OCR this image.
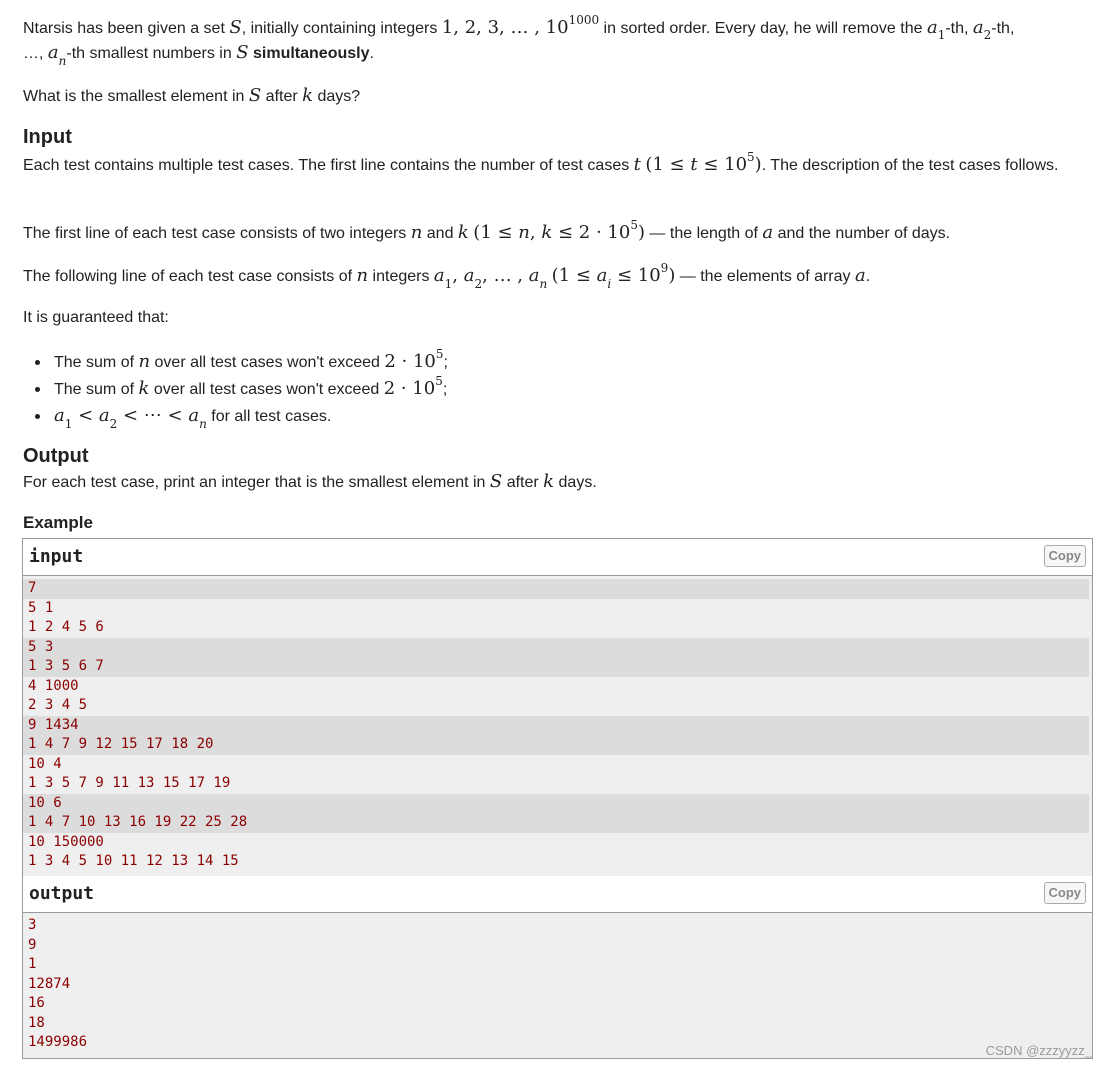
Ntarsis has been given a set S, initially containing integers 1, 2, 3, … , $10^{1000}$ in sorted order. Every day, he will remove the $a_1-th$, $a_2-th$,
…, $a_n-th$ smallest numbers in S simultaneously.

What is the smallest element in S after k days?

Input

Each test contains multiple test cases. The first line contains the number of test cases t $(1 \le t \le 10^5)$. The description of the test cases follows.

The first line of each test case consists of two integers n and k (1 ≤ n, $k \le 2 \cdot 10^5$) — the length of a and the number of days.

The following line of each test case consists of n integers $a_1$, $a_2$, … , $a_n$ $(1 \le a_i \le 10^9)$ — the elements of array a.

It is guaranteed that:

The sum of n over all test cases won't exceed $2 \cdot 10^5$;
The sum of k over all test cases won't exceed $2 \cdot 10^5$;
$a_1 < a_2$ < ⋯ < $a_n$ for all test cases.
Output

For each test case, print an integer that is the smallest element in S after k days.

Example
input	Copy
7
5 1
1 2 4 5 6
5 3
1 3 5 6 7
4 1000
2 3 4 5
9 1434
1 4 7 9 12 15 17 18 20
10 4
1 3 5 7 9 11 13 15 17 19
10 6
1 4 7 10 13 16 19 22 25 28
10 150000
1 3 4 5 10 11 12 13 14 15
output	Copy
3
9
1
12874
16
18
1499986
CSDN @zzzyyzz_
